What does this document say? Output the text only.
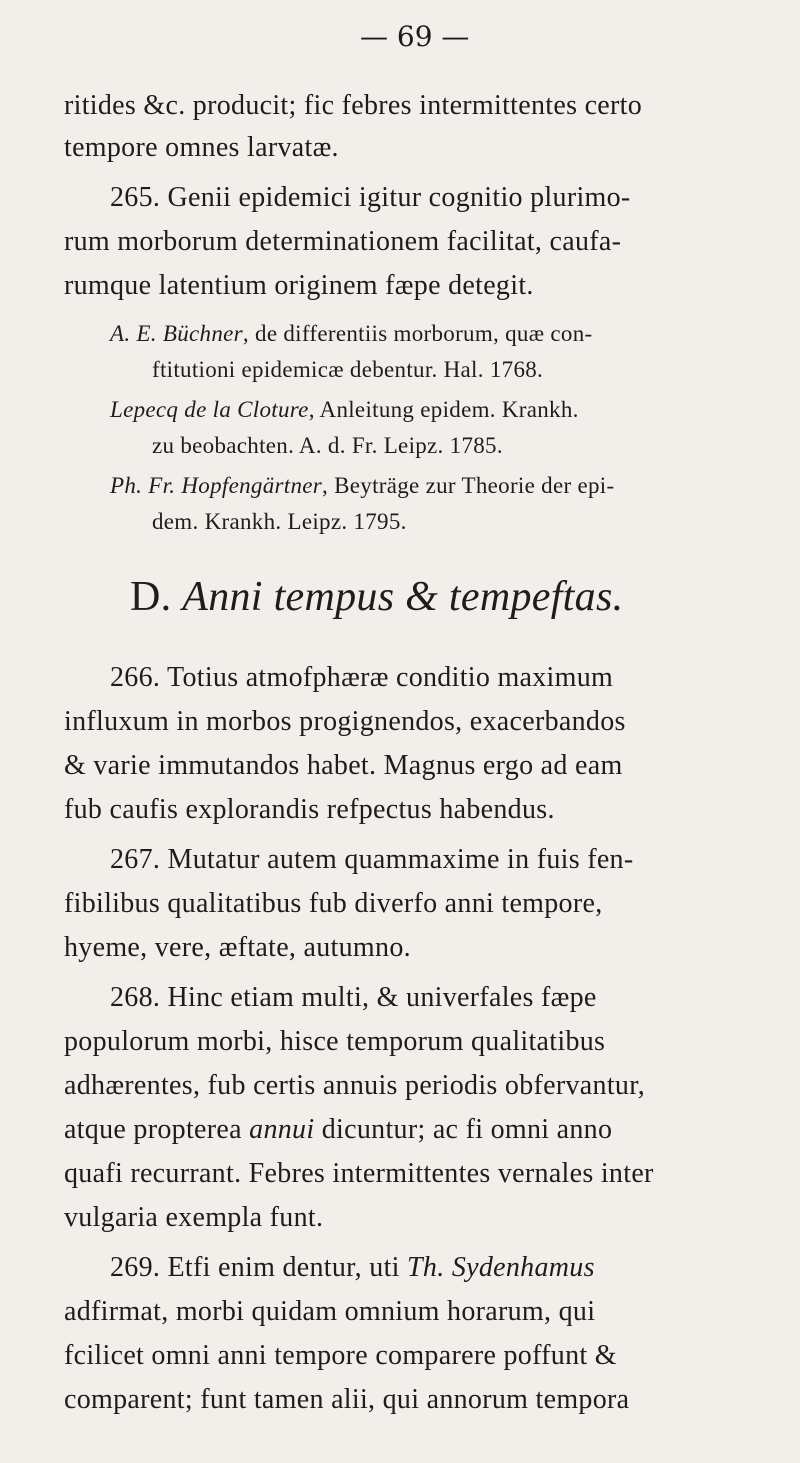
— 69 —
ritides &c. producit; fic febres intermittentes certo
tempore omnes larvatæ.
265. Genii epidemici igitur cognitio plurimo-
rum morborum determinationem facilitat, caufa-
rumque latentium originem fæpe detegit.
A. E. Büchner, de differentiis morborum, quæ con-
ftitutioni epidemicæ debentur. Hal. 1768.
Lepecq de la Cloture, Anleitung epidem. Krankh.
zu beobachten. A. d. Fr. Leipz. 1785.
Ph. Fr. Hopfengärtner, Beyträge zur Theorie der epi-
dem. Krankh. Leipz. 1795.
D. Anni tempus & tempeftas.
266. Totius atmofphæræ conditio maximum
influxum in morbos progignendos, exacerbandos
& varie immutandos habet. Magnus ergo ad eam
fub caufis explorandis refpectus habendus.
267. Mutatur autem quammaxime in fuis fen-
fibilibus qualitatibus fub diverfo anni tempore,
hyeme, vere, æftate, autumno.
268. Hinc etiam multi, & univerfales fæpe
populorum morbi, hisce temporum qualitatibus
adhærentes, fub certis annuis periodis obfervantur,
atque propterea annui dicuntur; ac fi omni anno
quafi recurrant. Febres intermittentes vernales inter
vulgaria exempla funt.
269. Etfi enim dentur, uti Th. Sydenhamus
adfirmat, morbi quidam omnium horarum, qui
fcilicet omni anni tempore comparere poffunt &
comparent; funt tamen alii, qui annorum tempora
